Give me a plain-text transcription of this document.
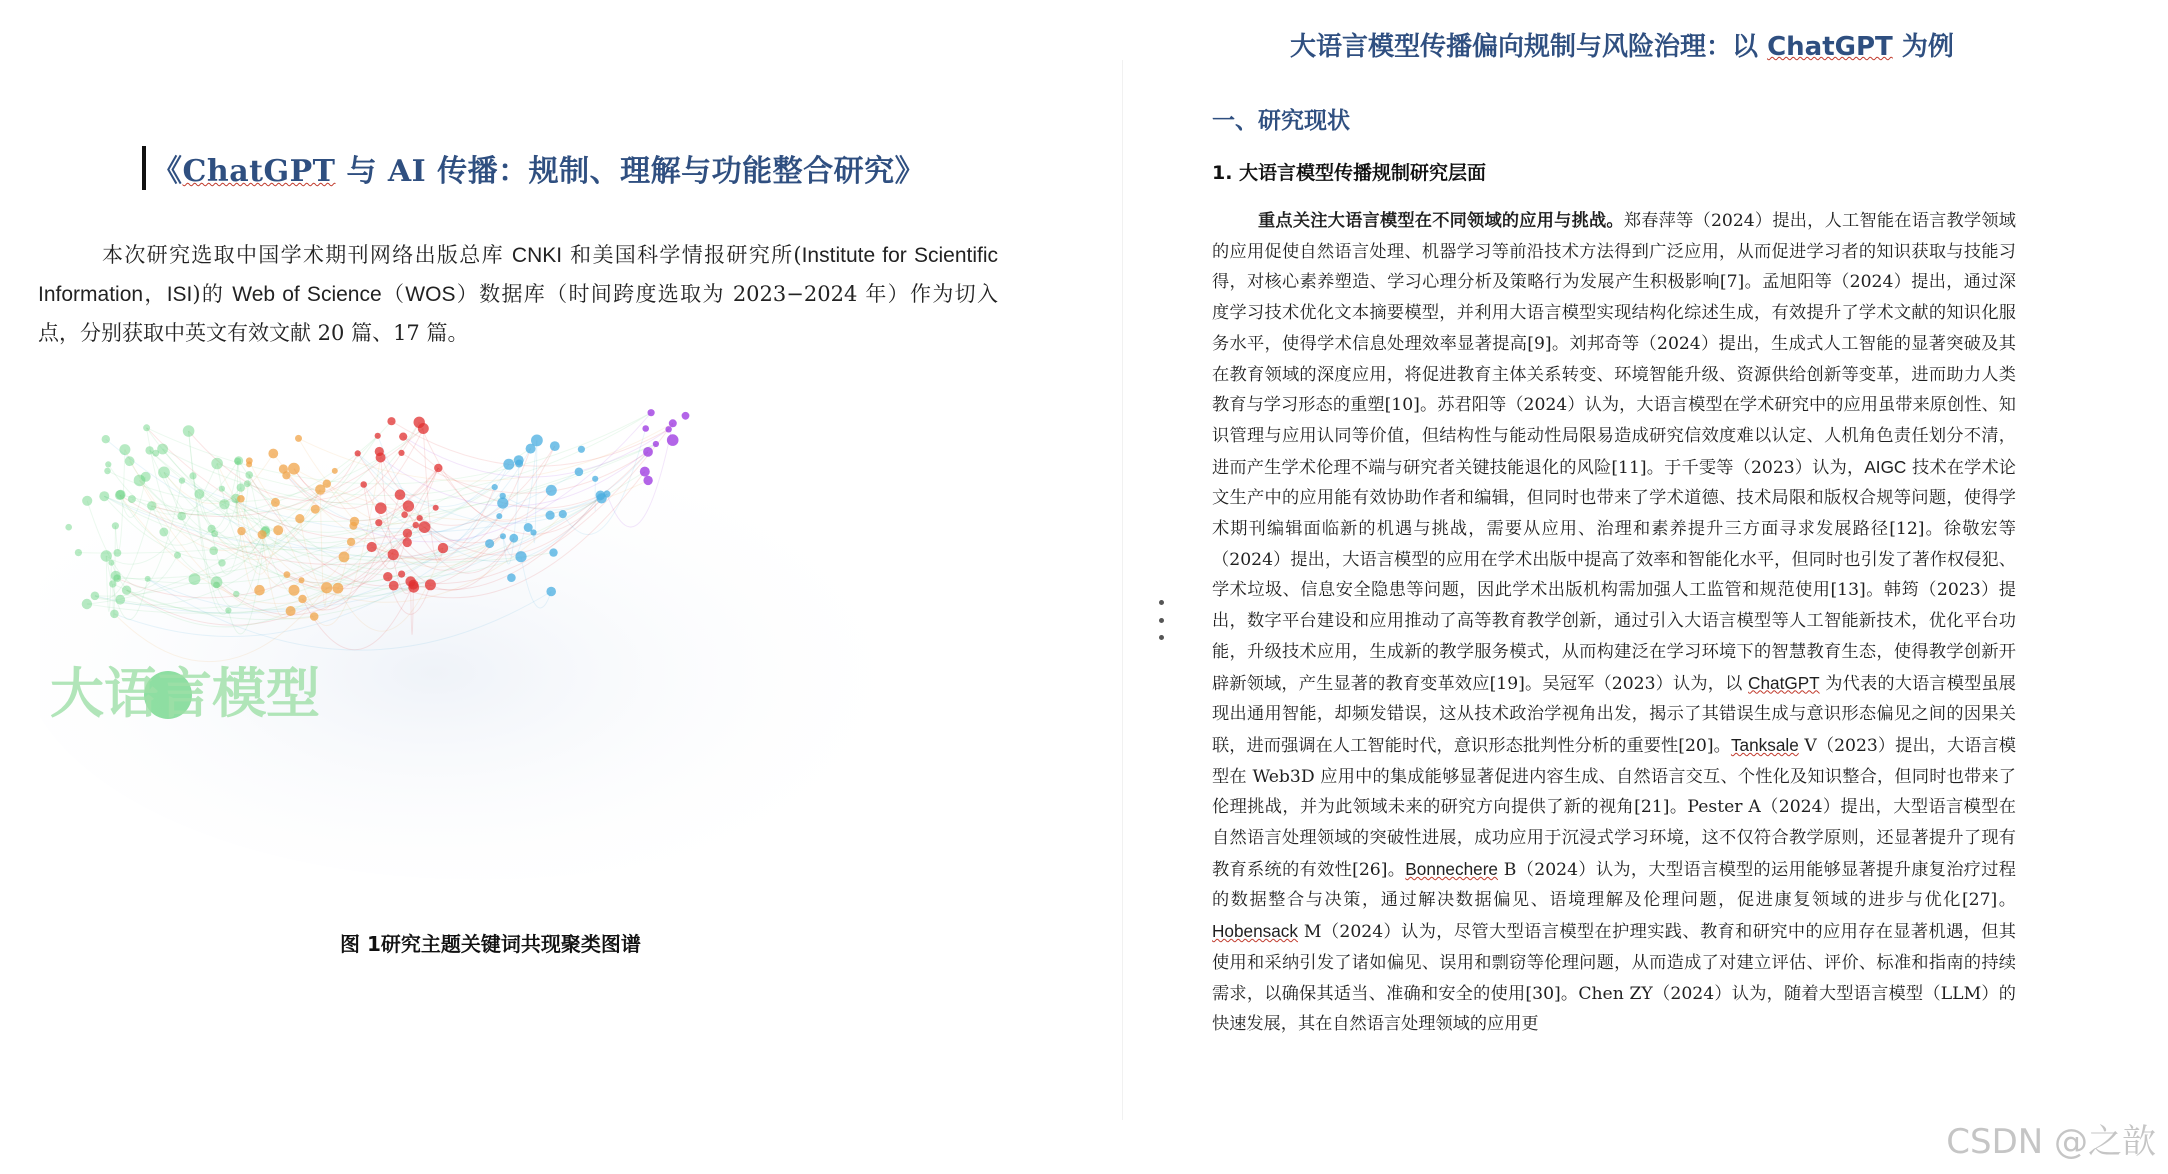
《ChatGPT 与 AI 传播：规制、理解与功能整合研究》
本次研究选取中国学术期刊网络出版总库 CNKI 和美国科学情报研究所(Institute for Scientific Information，ISI)的 Web of Science（WOS）数据库（时间跨度选取为 2023−2024 年）作为切入点，分别获取中英文有效文献 20 篇、17 篇。
大语言模型
图 1研究主题关键词共现聚类图谱
大语言模型传播偏向规制与风险治理：以 ChatGPT 为例
一、研究现状
1. 大语言模型传播规制研究层面
重点关注大语言模型在不同领域的应用与挑战。郑春萍等（2024）提出，人工智能在语言教学领域的应用促使自然语言处理、机器学习等前沿技术方法得到广泛应用，从而促进学习者的知识获取与技能习得，对核心素养塑造、学习心理分析及策略行为发展产生积极影响[7]。孟旭阳等（2024）提出，通过深度学习技术优化文本摘要模型，并利用大语言模型实现结构化综述生成，有效提升了学术文献的知识化服务水平，使得学术信息处理效率显著提高[9]。刘邦奇等（2024）提出，生成式人工智能的显著突破及其在教育领域的深度应用，将促进教育主体关系转变、环境智能升级、资源供给创新等变革，进而助力人类教育与学习形态的重塑[10]。苏君阳等（2024）认为，大语言模型在学术研究中的应用虽带来原创性、知识管理与应用认同等价值，但结构性与能动性局限易造成研究信效度难以认定、人机角色责任划分不清，进而产生学术伦理不端与研究者关键技能退化的风险[11]。于千雯等（2023）认为，AIGC 技术在学术论文生产中的应用能有效协助作者和编辑，但同时也带来了学术道德、技术局限和版权合规等问题，使得学术期刊编辑面临新的机遇与挑战，需要从应用、治理和素养提升三方面寻求发展路径[12]。徐敬宏等（2024）提出，大语言模型的应用在学术出版中提高了效率和智能化水平，但同时也引发了著作权侵犯、学术垃圾、信息安全隐患等问题，因此学术出版机构需加强人工监管和规范使用[13]。韩筠（2023）提出，数字平台建设和应用推动了高等教育教学创新，通过引入大语言模型等人工智能新技术，优化平台功能，升级技术应用，生成新的教学服务模式，从而构建泛在学习环境下的智慧教育生态，使得教学创新开辟新领域，产生显著的教育变革效应[19]。吴冠军（2023）认为，以 ChatGPT 为代表的大语言模型虽展现出通用智能，却频发错误，这从技术政治学视角出发，揭示了其错误生成与意识形态偏见之间的因果关联，进而强调在人工智能时代，意识形态批判性分析的重要性[20]。Tanksale V（2023）提出，大语言模型在 Web3D 应用中的集成能够显著促进内容生成、自然语言交互、个性化及知识整合，但同时也带来了伦理挑战，并为此领域未来的研究方向提供了新的视角[21]。Pester A（2024）提出，大型语言模型在自然语言处理领域的突破性进展，成功应用于沉浸式学习环境，这不仅符合教学原则，还显著提升了现有教育系统的有效性[26]。Bonnechere B（2024）认为，大型语言模型的运用能够显著提升康复治疗过程的数据整合与决策，通过解决数据偏见、语境理解及伦理问题，促进康复领域的进步与优化[27]。Hobensack M（2024）认为，尽管大型语言模型在护理实践、教育和研究中的应用存在显著机遇，但其使用和采纳引发了诸如偏见、误用和剽窃等伦理问题，从而造成了对建立评估、评价、标准和指南的持续需求，以确保其适当、准确和安全的使用[30]。Chen ZY（2024）认为，随着大型语言模型（LLM）的快速发展，其在自然语言处理领域的应用更
CSDN @之歆
